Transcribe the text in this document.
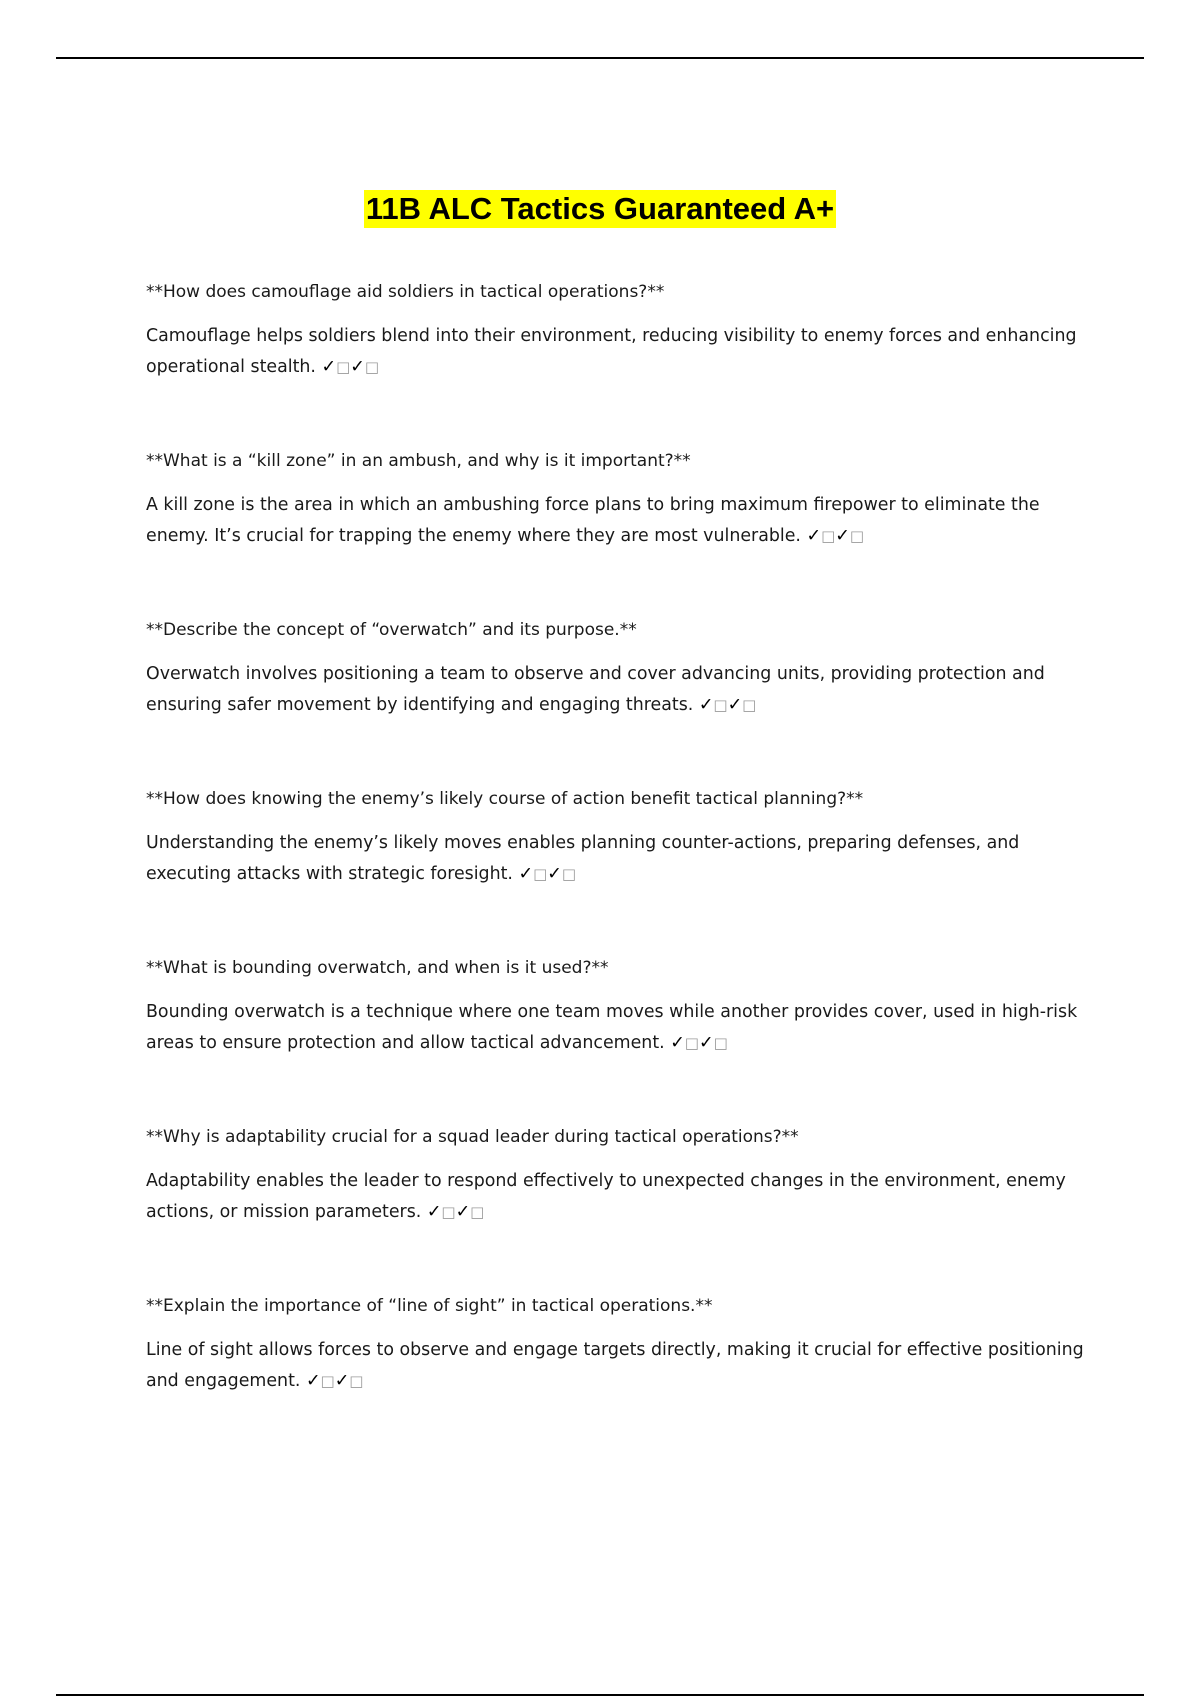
11B ALC Tactics Guaranteed A+

**How does camouflage aid soldiers in tactical operations?**

Camouflage helps soldiers blend into their environment, reducing visibility to enemy forces and enhancing operational stealth. ✓□✓□

**What is a “kill zone” in an ambush, and why is it important?**

A kill zone is the area in which an ambushing force plans to bring maximum firepower to eliminate the enemy. It’s crucial for trapping the enemy where they are most vulnerable. ✓□✓□

**Describe the concept of “overwatch” and its purpose.**

Overwatch involves positioning a team to observe and cover advancing units, providing protection and ensuring safer movement by identifying and engaging threats. ✓□✓□

**How does knowing the enemy’s likely course of action benefit tactical planning?**

Understanding the enemy’s likely moves enables planning counter-actions, preparing defenses, and executing attacks with strategic foresight. ✓□✓□

**What is bounding overwatch, and when is it used?**

Bounding overwatch is a technique where one team moves while another provides cover, used in high-risk areas to ensure protection and allow tactical advancement. ✓□✓□

**Why is adaptability crucial for a squad leader during tactical operations?**

Adaptability enables the leader to respond effectively to unexpected changes in the environment, enemy actions, or mission parameters. ✓□✓□

**Explain the importance of “line of sight” in tactical operations.**

Line of sight allows forces to observe and engage targets directly, making it crucial for effective positioning and engagement. ✓□✓□
